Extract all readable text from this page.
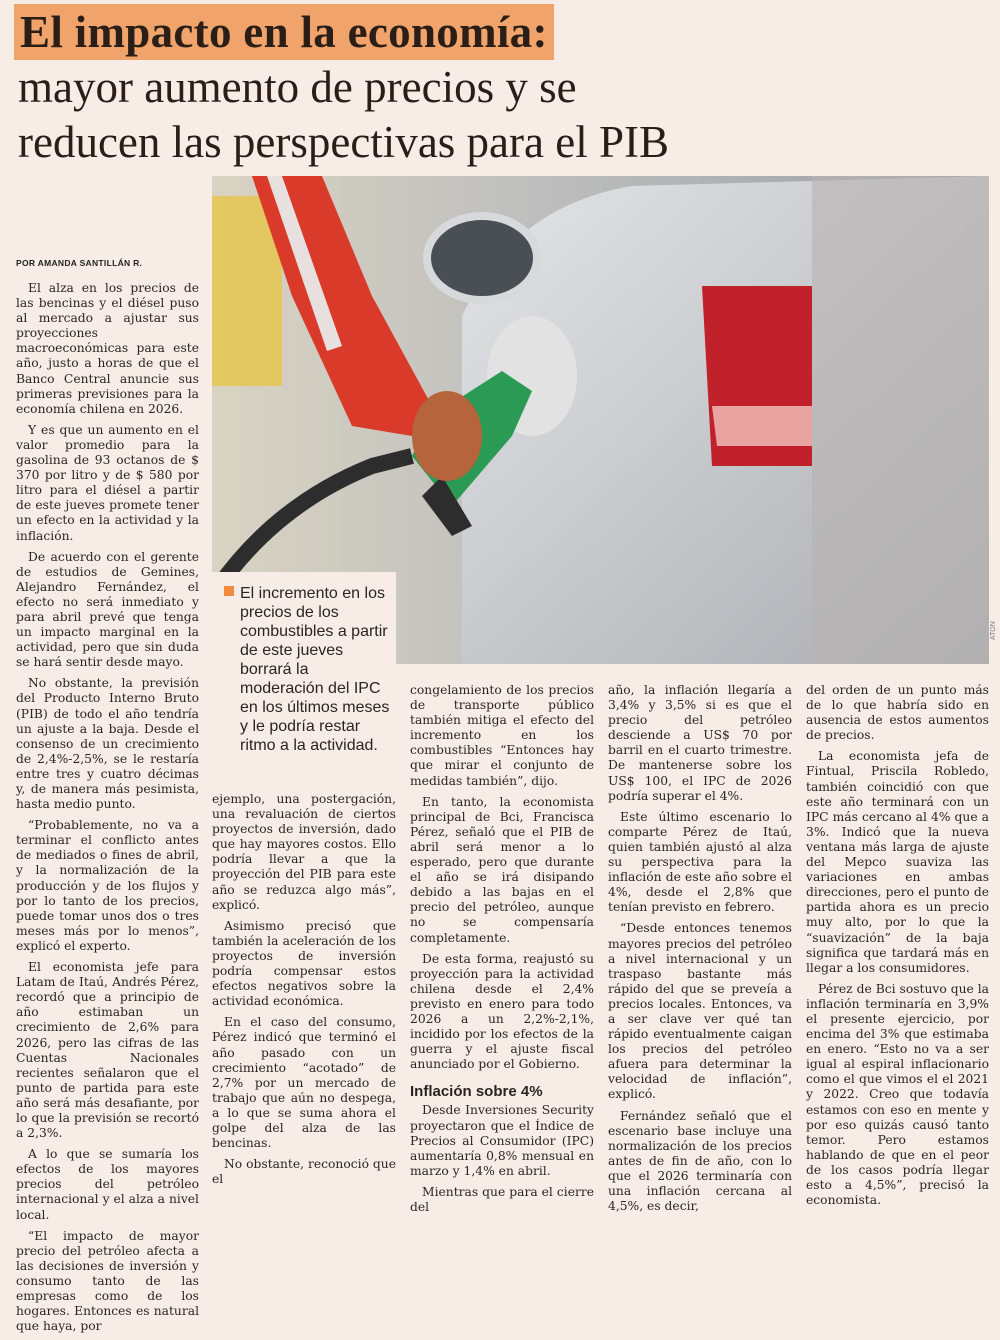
El impacto en la economía:
mayor aumento de precios y se
reducen las perspectivas para el PIB
ATON
POR AMANDA SANTILLÁN R.

El alza en los precios de las bencinas y el diésel puso al mercado a ajustar sus proyecciones macroeconómicas para este año, justo a horas de que el Banco Central anuncie sus primeras previsiones para la economía chilena en 2026.

Y es que un aumento en el valor promedio para la gasolina de 93 octanos de $ 370 por litro y de $ 580 por litro para el diésel a partir de este jueves promete tener un efecto en la actividad y la inflación.

De acuerdo con el gerente de estudios de Gemines, Alejandro Fernández, el efecto no será inmediato y para abril prevé que tenga un impacto marginal en la actividad, pero que sin duda se hará sentir desde mayo.

No obstante, la previsión del Producto Interno Bruto (PIB) de todo el año tendría un ajuste a la baja. Desde el consenso de un crecimiento de 2,4%-2,5%, se le restaría entre tres y cuatro décimas y, de manera más pesimista, hasta medio punto.

“Probablemente, no va a terminar el conflicto antes de mediados o fines de abril, y la normalización de la producción y de los flujos y por lo tanto de los precios, puede tomar unos dos o tres meses más por lo menos”, explicó el experto.

El economista jefe para Latam de Itaú, Andrés Pérez, recordó que a principio de año estimaban un crecimiento de 2,6% para 2026, pero las cifras de las Cuentas Nacionales recientes señalaron que el punto de partida para este año será más desafiante, por lo que la previsión se recortó a 2,3%.

A lo que se sumaría los efectos de los mayores precios del petróleo internacional y el alza a nivel local.

“El impacto de mayor precio del petróleo afecta a las decisiones de inversión y consumo tanto de las empresas como de los hogares. Entonces es natural que haya, por

El incremento en los precios de los combustibles a partir de este jueves borrará la moderación del IPC en los últimos meses y le podría restar ritmo a la actividad.

ejemplo, una postergación, una revaluación de ciertos proyectos de inversión, dado que hay mayores costos. Ello podría llevar a que la proyección del PIB para este año se reduzca algo más”, explicó.

Asimismo precisó que también la aceleración de los proyectos de inversión podría compensar estos efectos negativos sobre la actividad económica.

En el caso del consumo, Pérez indicó que terminó el año pasado con un crecimiento “acotado” de 2,7% por un mercado de trabajo que aún no despega, a lo que se suma ahora el golpe del alza de las bencinas.

No obstante, reconoció que el

congelamiento de los precios de transporte público también mitiga el efecto del incremento en los combustibles “Entonces hay que mirar el conjunto de medidas también”, dijo.

En tanto, la economista principal de Bci, Francisca Pérez, señaló que el PIB de abril será menor a lo esperado, pero que durante el año se irá disipando debido a las bajas en el precio del petróleo, aunque no se compensaría completamente.

De esta forma, reajustó su proyección para la actividad chilena desde el 2,4% previsto en enero para todo 2026 a un 2,2%-2,1%, incidido por los efectos de la guerra y el ajuste fiscal anunciado por el Gobierno.

Inflación sobre 4%

Desde Inversiones Security proyectaron que el Índice de Precios al Consumidor (IPC) aumentaría 0,8% mensual en marzo y 1,4% en abril.

Mientras que para el cierre del

año, la inflación llegaría a 3,4% y 3,5% si es que el precio del petróleo desciende a US$ 70 por barril en el cuarto trimestre. De mantenerse sobre los US$ 100, el IPC de 2026 podría superar el 4%.

Este último escenario lo comparte Pérez de Itaú, quien también ajustó al alza su perspectiva para la inflación de este año sobre el 4%, desde el 2,8% que tenían previsto en febrero.

“Desde entonces tenemos mayores precios del petróleo a nivel internacional y un traspaso bastante más rápido del que se preveía a precios locales. Entonces, va a ser clave ver qué tan rápido eventualmente caigan los precios del petróleo afuera para determinar la velocidad de inflación”, explicó.

Fernández señaló que el escenario base incluye una normalización de los precios antes de fin de año, con lo que el 2026 terminaría con una inflación cercana al 4,5%, es decir,

del orden de un punto más de lo que habría sido en ausencia de estos aumentos de precios.

La economista jefa de Fintual, Priscila Robledo, también coincidió con que este año terminará con un IPC más cercano al 4% que a 3%. Indicó que la nueva ventana más larga de ajuste del Mepco suaviza las variaciones en ambas direcciones, pero el punto de partida ahora es un precio muy alto, por lo que la “suavización” de la baja significa que tardará más en llegar a los consumidores.

Pérez de Bci sostuvo que la inflación terminaría en 3,9% el presente ejercicio, por encima del 3% que estimaba en enero. “Esto no va a ser igual al espiral inflacionario como el que vimos el el 2021 y 2022. Creo que todavía estamos con eso en mente y por eso quizás causó tanto temor. Pero estamos hablando de que en el peor de los casos podría llegar esto a 4,5%”, precisó la economista.
